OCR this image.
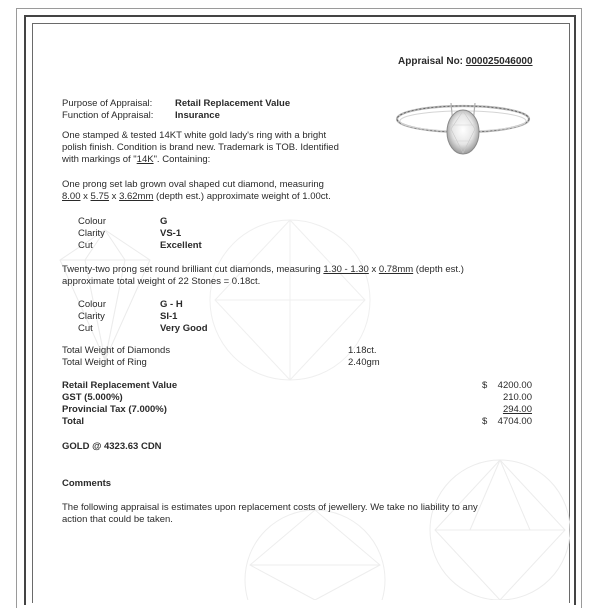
Appraisal No: 000025046000
Purpose of Appraisal: Retail Replacement Value
Function of Appraisal: Insurance
One stamped & tested 14KT white gold lady's ring with a bright
polish finish. Condition is brand new. Trademark is TOB. Identified
with markings of "14K". Containing:
One prong set lab grown oval shaped cut diamond, measuring
8.00 x 5.75 x 3.62mm (depth est.) approximate weight of 1.00ct.
Colour	G
Clarity	VS-1
Cut	Excellent
Twenty-two prong set round brilliant cut diamonds, measuring 1.30 - 1.30 x 0.78mm (depth est.)
approximate total weight of 22 Stones = 0.18ct.
Colour	G - H
Clarity	SI-1
Cut	Very Good
Total Weight of Diamonds	1.18ct.
Total Weight of Ring	2.40gm
Retail Replacement Value	$	4200.00
GST (5.000%)	210.00
Provincial Tax (7.000%)	294.00
Total	$	4704.00
GOLD @ 4323.63 CDN
Comments
The following appraisal is estimates upon replacement costs of jewellery. We take no liability to any
action that could be taken.
